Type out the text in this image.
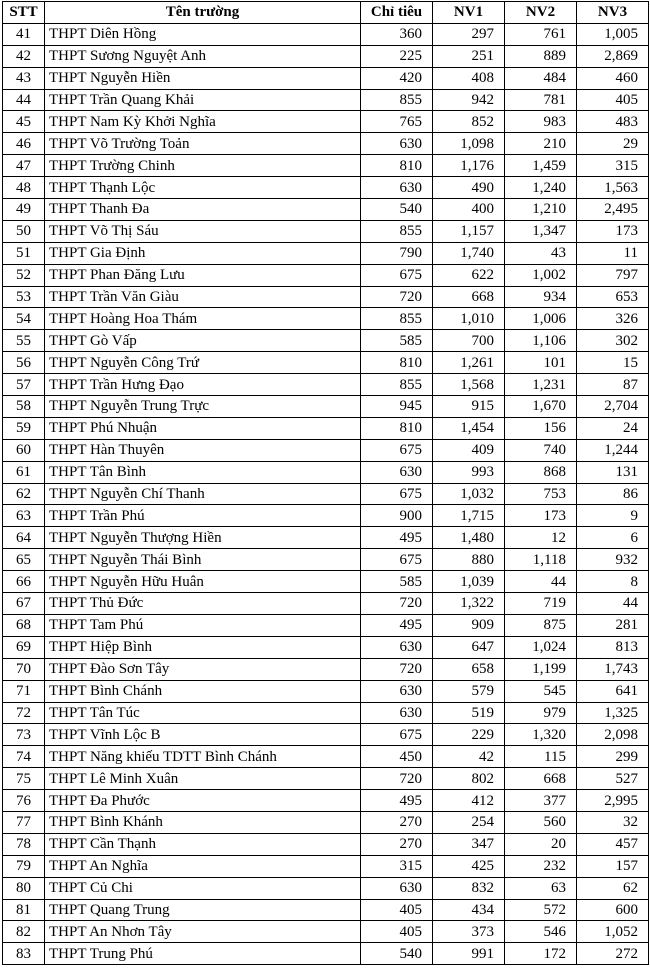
STT	Tên trường	Chỉ tiêu	NV1	NV2	NV3
41	THPT Diên Hồng	360	297	761	1,005
42	THPT Sương Nguyệt Anh	225	251	889	2,869
43	THPT Nguyễn Hiền	420	408	484	460
44	THPT Trần Quang Khải	855	942	781	405
45	THPT Nam Kỳ Khởi Nghĩa	765	852	983	483
46	THPT Võ Trường Toản	630	1,098	210	29
47	THPT Trường Chinh	810	1,176	1,459	315
48	THPT Thạnh Lộc	630	490	1,240	1,563
49	THPT Thanh Đa	540	400	1,210	2,495
50	THPT Võ Thị Sáu	855	1,157	1,347	173
51	THPT Gia Định	790	1,740	43	11
52	THPT Phan Đăng Lưu	675	622	1,002	797
53	THPT Trần Văn Giàu	720	668	934	653
54	THPT Hoàng Hoa Thám	855	1,010	1,006	326
55	THPT Gò Vấp	585	700	1,106	302
56	THPT Nguyễn Công Trứ	810	1,261	101	15
57	THPT Trần Hưng Đạo	855	1,568	1,231	87
58	THPT Nguyễn Trung Trực	945	915	1,670	2,704
59	THPT Phú Nhuận	810	1,454	156	24
60	THPT Hàn Thuyên	675	409	740	1,244
61	THPT Tân Bình	630	993	868	131
62	THPT Nguyễn Chí Thanh	675	1,032	753	86
63	THPT Trần Phú	900	1,715	173	9
64	THPT Nguyễn Thượng Hiền	495	1,480	12	6
65	THPT Nguyễn Thái Bình	675	880	1,118	932
66	THPT Nguyễn Hữu Huân	585	1,039	44	8
67	THPT Thủ Đức	720	1,322	719	44
68	THPT Tam Phú	495	909	875	281
69	THPT Hiệp Bình	630	647	1,024	813
70	THPT Đào Sơn Tây	720	658	1,199	1,743
71	THPT Bình Chánh	630	579	545	641
72	THPT Tân Túc	630	519	979	1,325
73	THPT Vĩnh Lộc B	675	229	1,320	2,098
74	THPT Năng khiếu TDTT Bình Chánh	450	42	115	299
75	THPT Lê Minh Xuân	720	802	668	527
76	THPT Đa Phước	495	412	377	2,995
77	THPT Bình Khánh	270	254	560	32
78	THPT Cần Thạnh	270	347	20	457
79	THPT An Nghĩa	315	425	232	157
80	THPT Củ Chi	630	832	63	62
81	THPT Quang Trung	405	434	572	600
82	THPT An Nhơn Tây	405	373	546	1,052
83	THPT Trung Phú	540	991	172	272
